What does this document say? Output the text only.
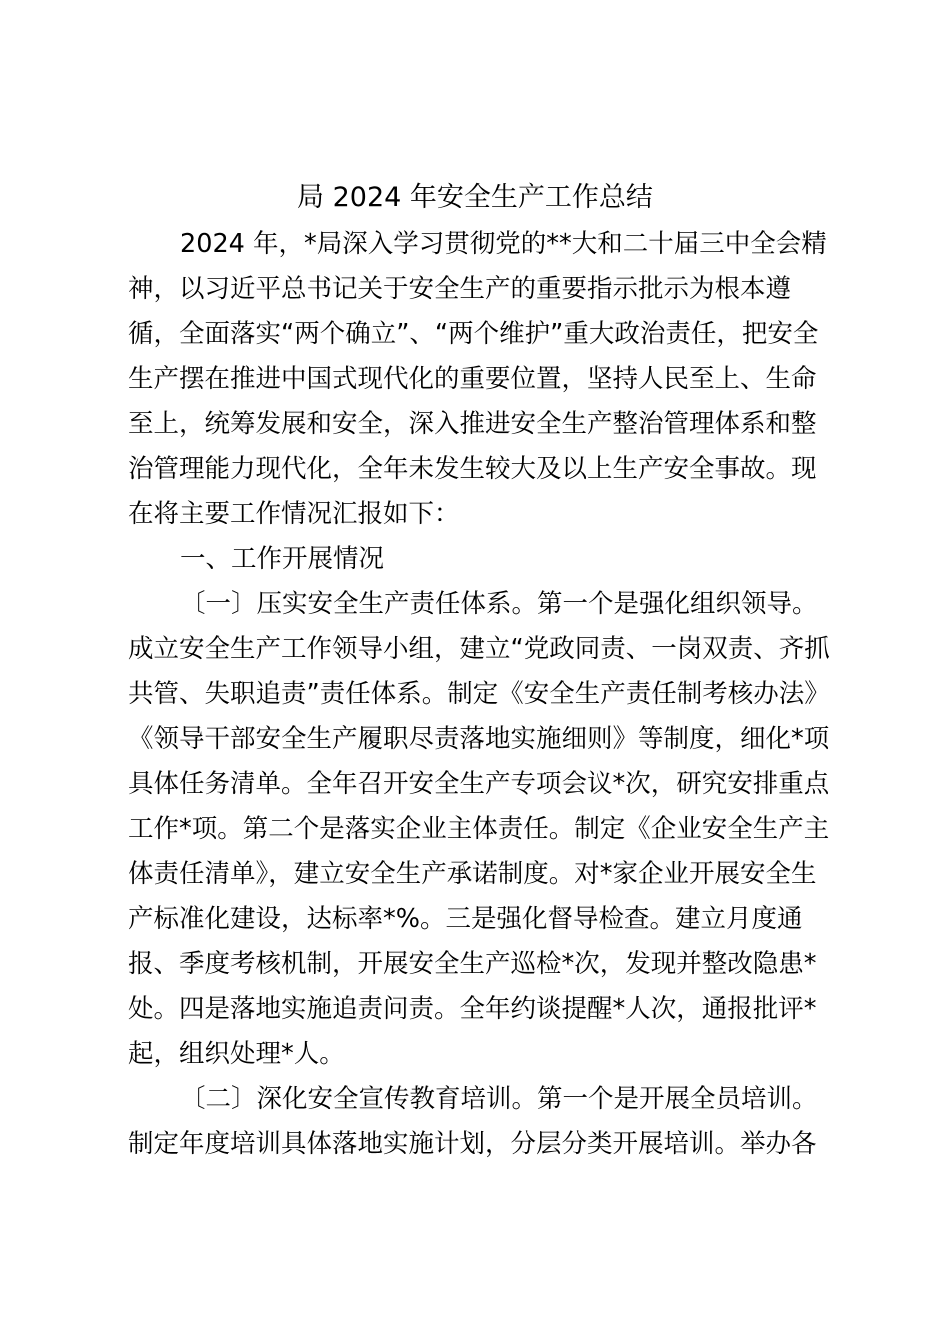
局 2024 年安全生产工作总结
2024 年，*局深入学习贯彻党的**大和二十届三中全会精
神，以习近平总书记关于安全生产的重要指示批示为根本遵
循，全面落实“两个确立”、“两个维护”重大政治责任，把安全
生产摆在推进中国式现代化的重要位置，坚持人民至上、生命
至上，统筹发展和安全，深入推进安全生产整治管理体系和整
治管理能力现代化，全年未发生较大及以上生产安全事故。现
在将主要工作情况汇报如下：
一、工作开展情况
〔一〕压实安全生产责任体系。第一个是强化组织领导。
成立安全生产工作领导小组，建立“党政同责、一岗双责、齐抓
共管、失职追责”责任体系。制定《安全生产责任制考核办法》
《领导干部安全生产履职尽责落地实施细则》等制度，细化*项
具体任务清单。全年召开安全生产专项会议*次，研究安排重点
工作*项。第二个是落实企业主体责任。制定《企业安全生产主
体责任清单》，建立安全生产承诺制度。对*家企业开展安全生
产标准化建设，达标率*%。三是强化督导检查。建立月度通
报、季度考核机制，开展安全生产巡检*次，发现并整改隐患*
处。四是落地实施追责问责。全年约谈提醒*人次，通报批评*
起，组织处理*人。
〔二〕深化安全宣传教育培训。第一个是开展全员培训。
制定年度培训具体落地实施计划，分层分类开展培训。举办各
